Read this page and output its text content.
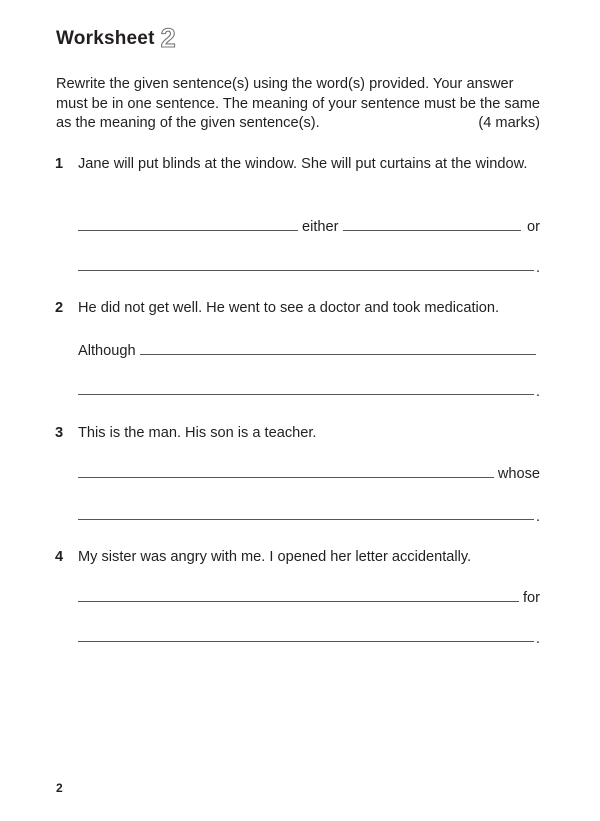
Worksheet 2
Rewrite the given sentence(s) using the word(s) provided. Your answer must be in one sentence. The meaning of your sentence must be the same as the meaning of the given sentence(s).	(4 marks)
1 Jane will put blinds at the window. She will put curtains at the window.
either	or
.
2 He did not get well. He went to see a doctor and took medication.
Although
.
3 This is the man. His son is a teacher.
whose
.
4 My sister was angry with me. I opened her letter accidentally.
for
.
2
